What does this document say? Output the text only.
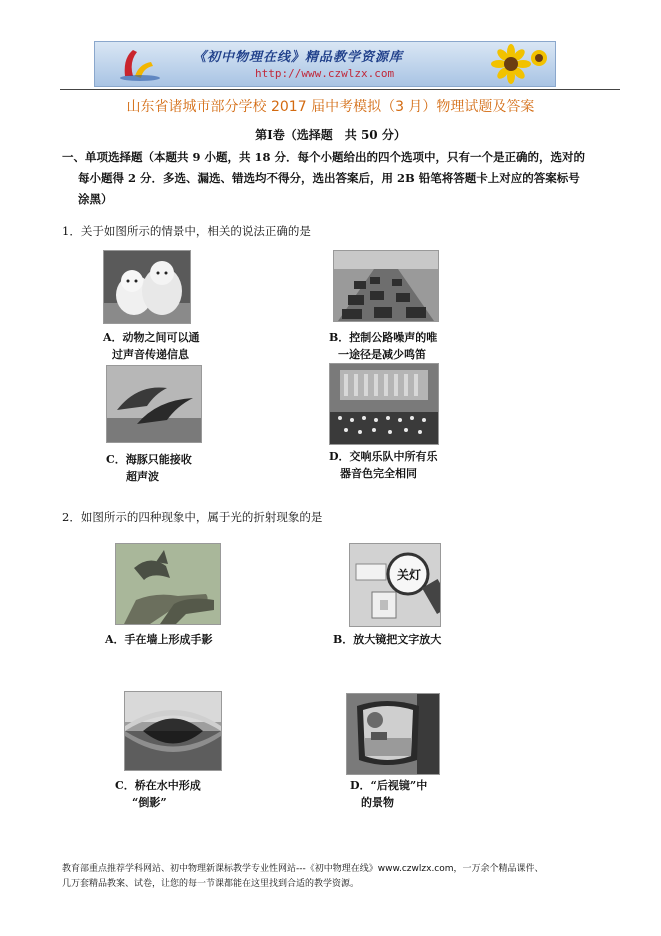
《初中物理在线》精品教学资源库
http://www.czwlzx.com
山东省诸城市部分学校 2017 届中考模拟（3 月）物理试题及答案
第Ⅰ卷（选择题　共 50 分）
一、单项选择题（本题共 9 小题，共 18 分．每个小题给出的四个选项中，只有一个是正确的，选对的
每小题得 2 分．多选、漏选、错选均不得分，选出答案后，用 2B 铅笔将答题卡上对应的答案标号
涂黑）
1．关于如图所示的情景中，相关的说法正确的是
A．动物之间可以通
过声音传递信息
B．控制公路噪声的唯
一途径是减少鸣笛
C．海豚只能接收
超声波
D．交响乐队中所有乐
器音色完全相同
2．如图所示的四种现象中，属于光的折射现象的是
关灯
A．手在墙上形成手影	B．放大镜把文字放大
C．桥在水中形成
“倒影”
D．“后视镜”中
的景物
教育部重点推荐学科网站、初中物理新课标教学专业性网站---《初中物理在线》www.czwlzx.com，一万余个精品课件、
几万套精品教案、试卷，让您的每一节课都能在这里找到合适的教学资源。
